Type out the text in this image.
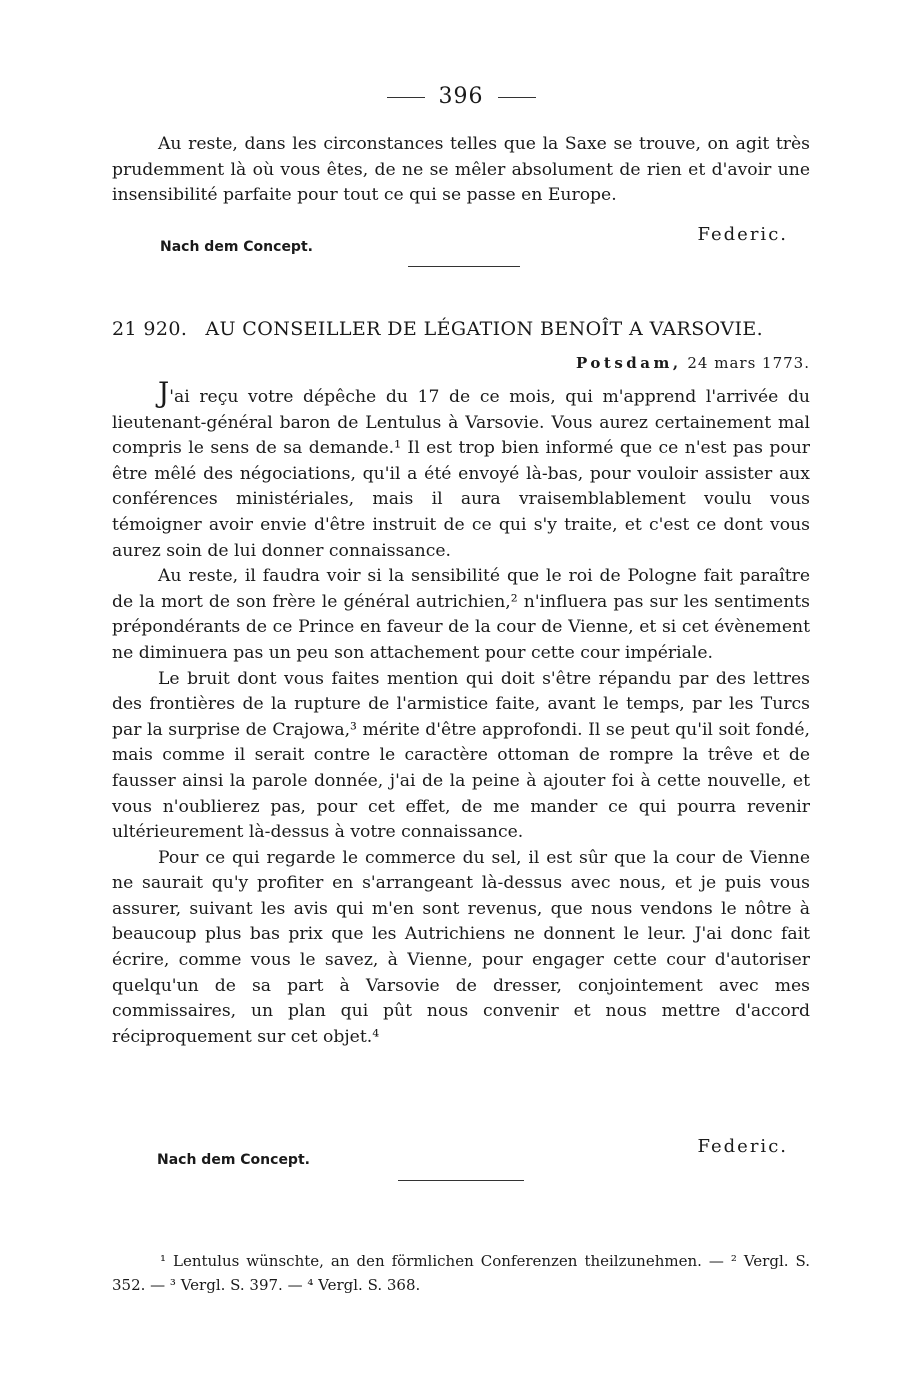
396

Au reste, dans les circonstances telles que la Saxe se trouve, on agit très prudemment là où vous êtes, de ne se mêler absolument de rien et d'avoir une insensibilité parfaite pour tout ce qui se passe en Europe.

Federic.
Nach dem Concept.
21 920. AU CONSEILLER DE LÉGATION BENOÎT A VARSOVIE.
Potsdam, 24 mars 1773.

J'ai reçu votre dépêche du 17 de ce mois, qui m'apprend l'arrivée du lieutenant-général baron de Lentulus à Varsovie. Vous aurez certainement mal compris le sens de sa demande.¹ Il est trop bien informé que ce n'est pas pour être mêlé des négociations, qu'il a été envoyé là-bas, pour vouloir assister aux conférences ministériales, mais il aura vraisemblablement voulu vous témoigner avoir envie d'être instruit de ce qui s'y traite, et c'est ce dont vous aurez soin de lui donner connaissance.

Au reste, il faudra voir si la sensibilité que le roi de Pologne fait paraître de la mort de son frère le général autrichien,² n'influera pas sur les sentiments prépondérants de ce Prince en faveur de la cour de Vienne, et si cet évènement ne diminuera pas un peu son attachement pour cette cour impériale.

Le bruit dont vous faites mention qui doit s'être répandu par des lettres des frontières de la rupture de l'armistice faite, avant le temps, par les Turcs par la surprise de Crajowa,³ mérite d'être approfondi. Il se peut qu'il soit fondé, mais comme il serait contre le caractère ottoman de rompre la trêve et de fausser ainsi la parole donnée, j'ai de la peine à ajouter foi à cette nouvelle, et vous n'oublierez pas, pour cet effet, de me mander ce qui pourra revenir ultérieurement là-dessus à votre connaissance.

Pour ce qui regarde le commerce du sel, il est sûr que la cour de Vienne ne saurait qu'y profiter en s'arrangeant là-dessus avec nous, et je puis vous assurer, suivant les avis qui m'en sont revenus, que nous vendons le nôtre à beaucoup plus bas prix que les Autrichiens ne donnent le leur. J'ai donc fait écrire, comme vous le savez, à Vienne, pour engager cette cour d'autoriser quelqu'un de sa part à Varsovie de dresser, conjointement avec mes commissaires, un plan qui pût nous convenir et nous mettre d'accord réciproquement sur cet objet.⁴

Federic.
Nach dem Concept.

¹ Lentulus wünschte, an den förmlichen Conferenzen theilzunehmen. — ² Vergl. S. 352. — ³ Vergl. S. 397. — ⁴ Vergl. S. 368.
